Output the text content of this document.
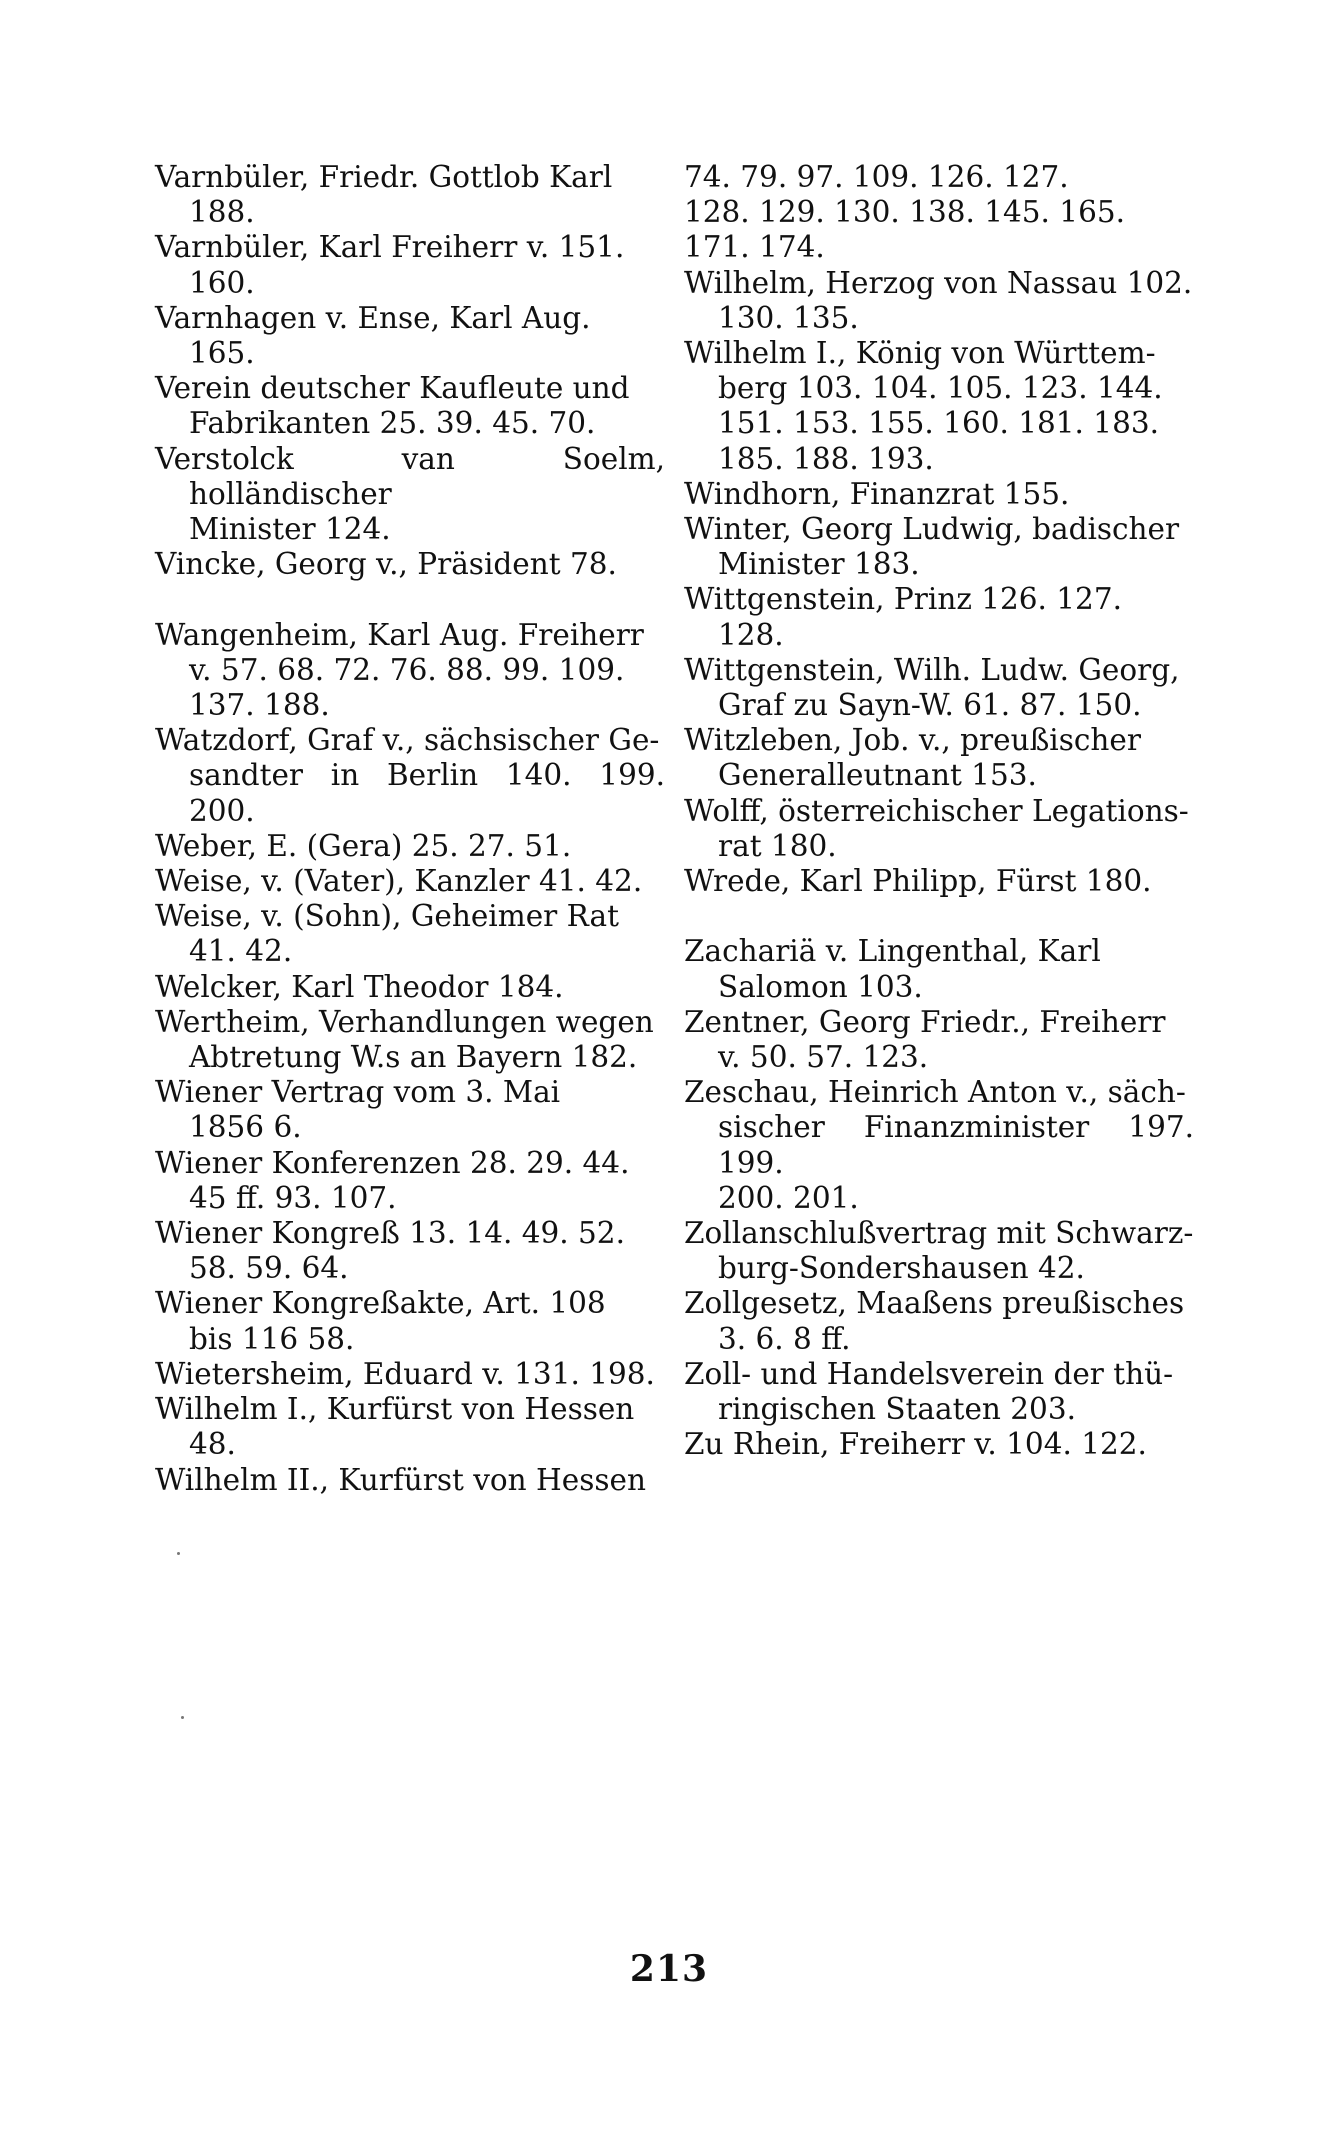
Varnbüler, Friedr. Gottlob Karl
188.

Varnbüler, Karl Freiherr v. 151.
160.

Varnhagen v. Ense, Karl Aug.
165.

Verein deutscher Kaufleute und
Fabrikanten 25. 39. 45. 70.

Verstolck van Soelm, holländischer
Minister 124.

Vincke, Georg v., Präsident 78.

Wangenheim, Karl Aug. Freiherr
v. 57. 68. 72. 76. 88. 99. 109.
137. 188.

Watzdorf, Graf v., sächsischer Ge-
sandter in Berlin 140. 199. 200.

Weber, E. (Gera) 25. 27. 51.

Weise, v. (Vater), Kanzler 41. 42.

Weise, v. (Sohn), Geheimer Rat
41. 42.

Welcker, Karl Theodor 184.

Wertheim, Verhandlungen wegen
Abtretung W.s an Bayern 182.

Wiener Vertrag vom 3. Mai
1856 6.

Wiener Konferenzen 28. 29. 44.
45 ff. 93. 107.

Wiener Kongreß 13. 14. 49. 52.
58. 59. 64.

Wiener Kongreßakte, Art. 108
bis 116 58.

Wietersheim, Eduard v. 131. 198.

Wilhelm I., Kurfürst von Hessen
48.

Wilhelm II., Kurfürst von Hessen

74. 79. 97. 109. 126. 127.
128. 129. 130. 138. 145. 165.
171. 174.

Wilhelm, Herzog von Nassau 102.
130. 135.

Wilhelm I., König von Württem-
berg 103. 104. 105. 123. 144.
151. 153. 155. 160. 181. 183.
185. 188. 193.

Windhorn, Finanzrat 155.

Winter, Georg Ludwig, badischer
Minister 183.

Wittgenstein, Prinz 126. 127.
128.

Wittgenstein, Wilh. Ludw. Georg,
Graf zu Sayn-W. 61. 87. 150.

Witzleben, Job. v., preußischer
Generalleutnant 153.

Wolff, österreichischer Legations-
rat 180.

Wrede, Karl Philipp, Fürst 180.

Zachariä v. Lingenthal, Karl
Salomon 103.

Zentner, Georg Friedr., Freiherr
v. 50. 57. 123.

Zeschau, Heinrich Anton v., säch-
sischer Finanzminister 197. 199.
200. 201.

Zollanschlußvertrag mit Schwarz-
burg-Sondershausen 42.

Zollgesetz, Maaßens preußisches
3. 6. 8 ff.

Zoll- und Handelsverein der thü-
ringischen Staaten 203.

Zu Rhein, Freiherr v. 104. 122.

213
